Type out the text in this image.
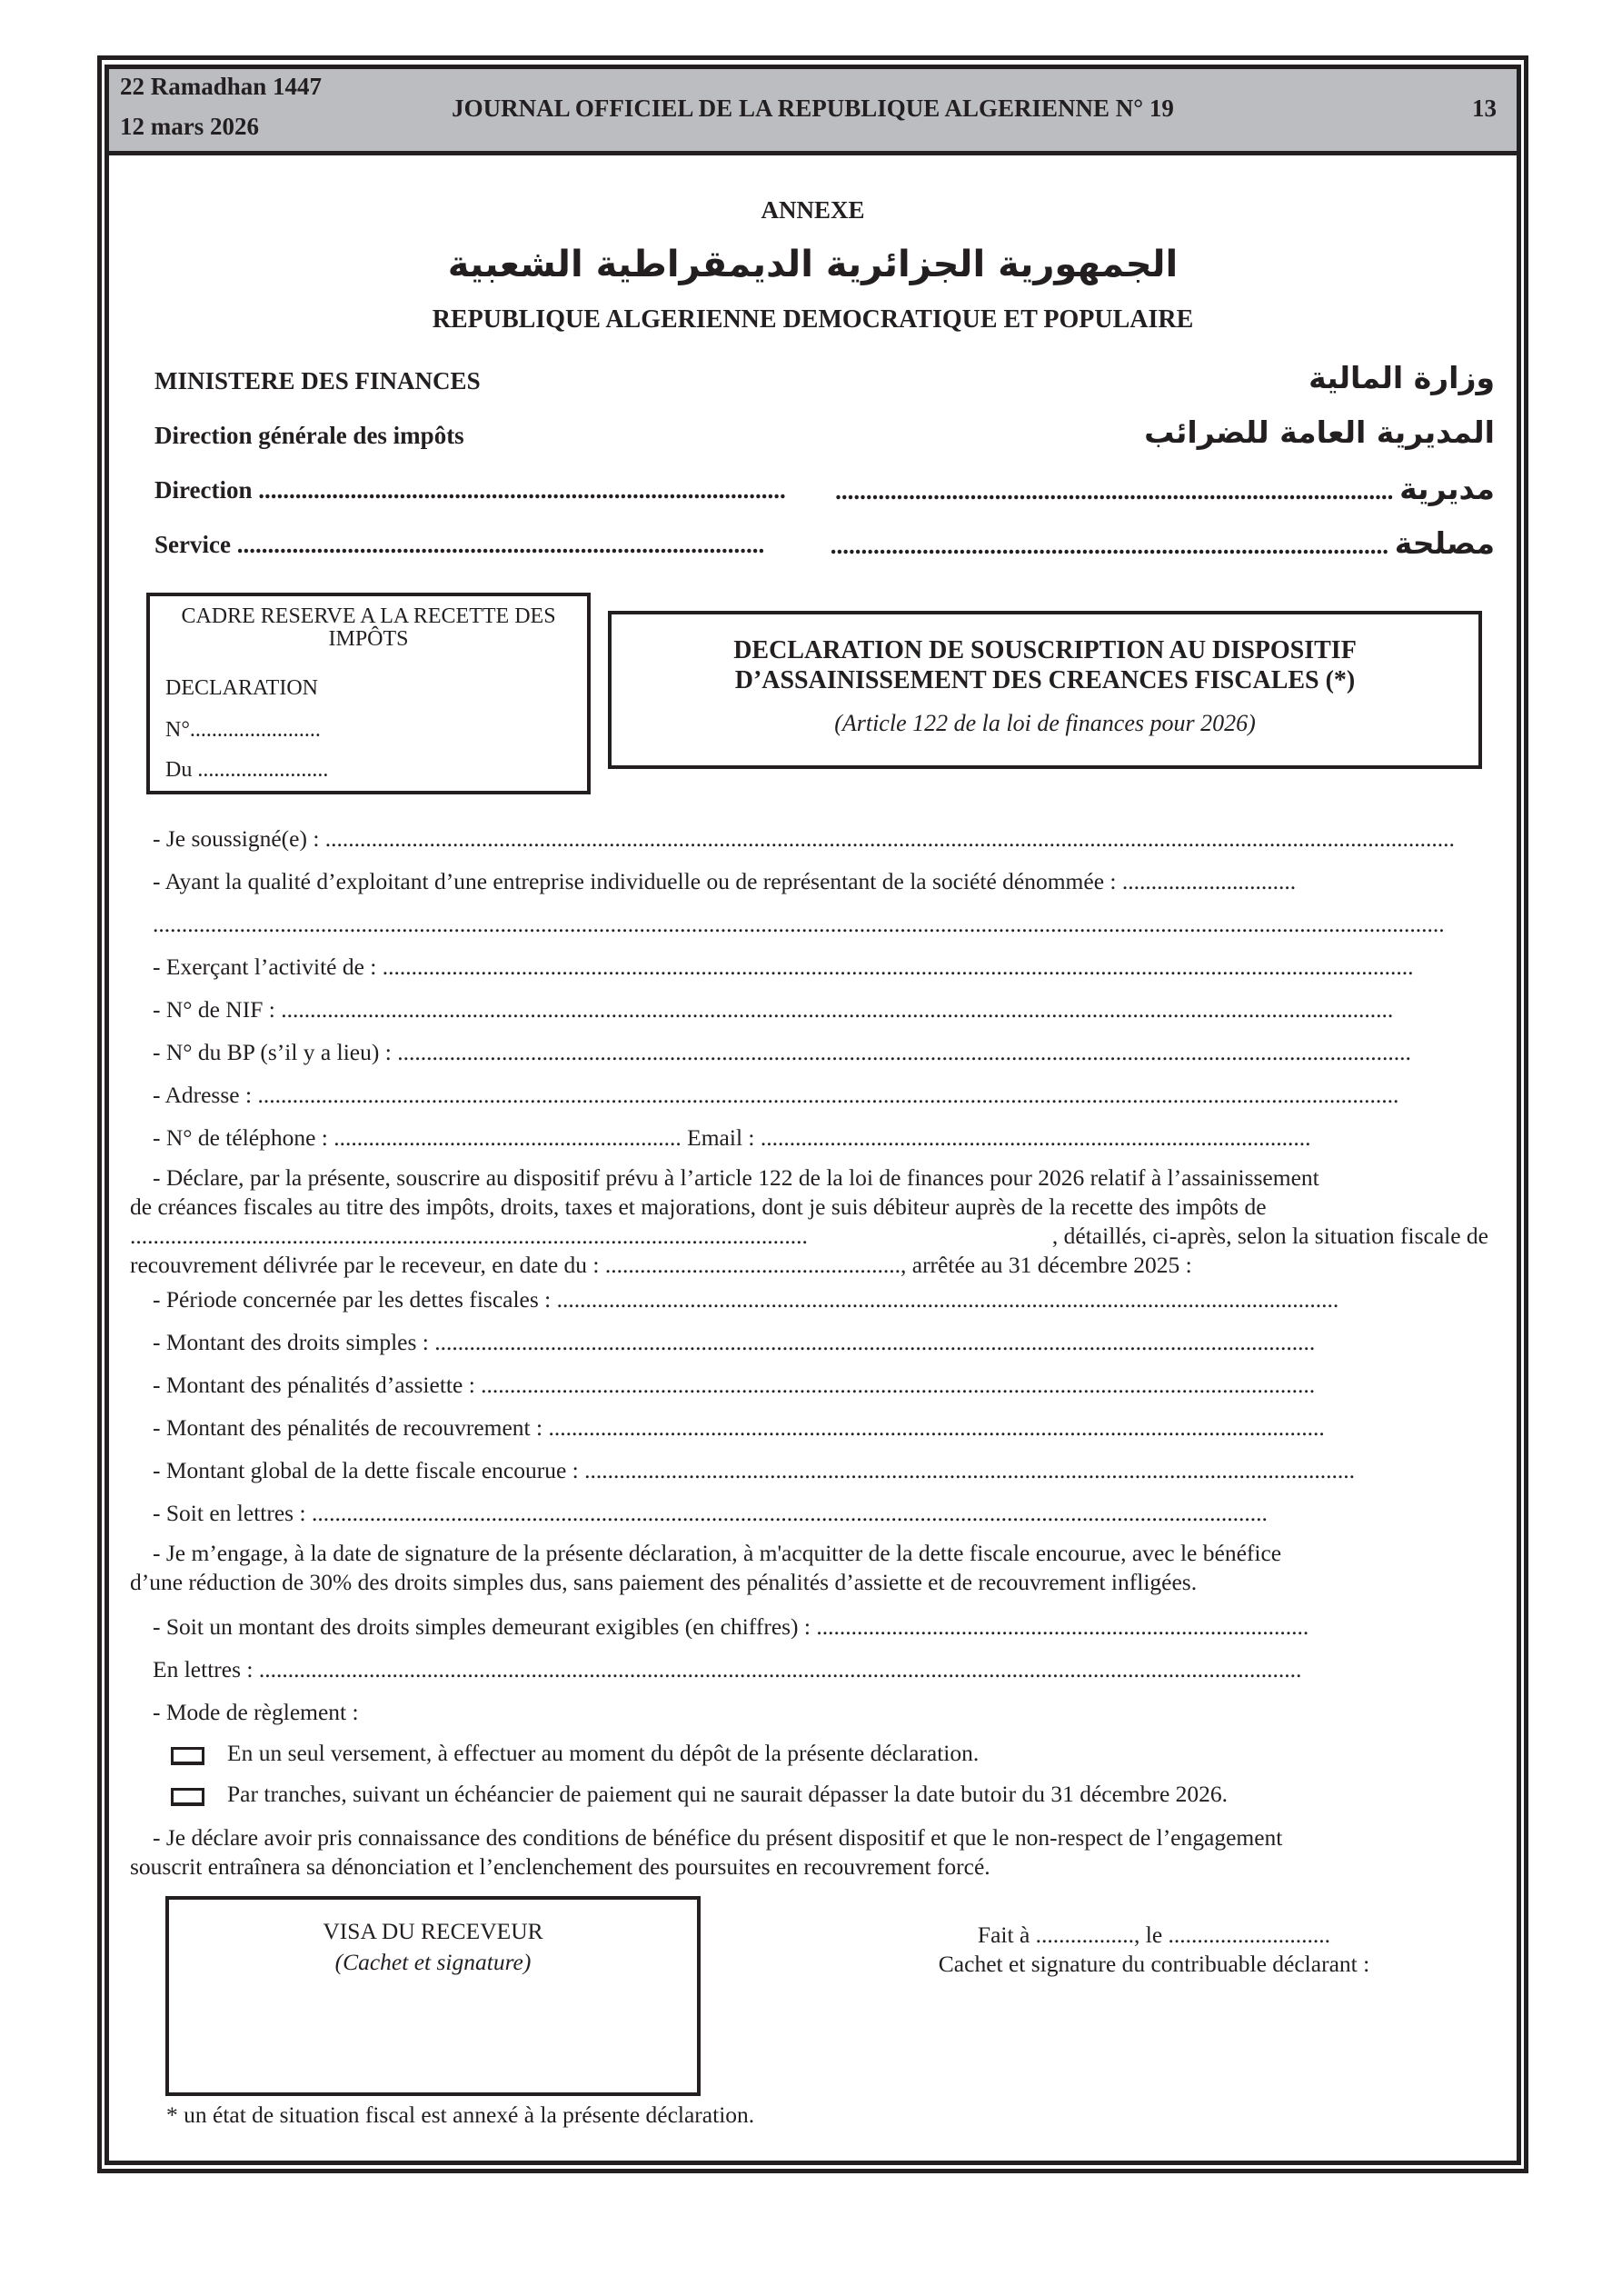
22 Ramadhan 1447
12 mars 2026
JOURNAL OFFICIEL DE LA REPUBLIQUE ALGERIENNE N° 19	13
ANNEXE
الجمهورية الجزائرية الديمقراطية الشعبية
REPUBLIQUE ALGERIENNE DEMOCRATIQUE ET POPULAIRE
MINISTERE DES FINANCES
Direction générale des impôts
Direction ......................................................................................
Service ......................................................................................
وزارة المالية
المديرية العامة للضرائب
........................................................................................... مديرية
........................................................................................... مصلحة
CADRE RESERVE A LA RECETTE DES IMPÔTS
DECLARATION
N°........................
Du ........................
DECLARATION DE SOUSCRIPTION AU DISPOSITIF D’ASSAINISSEMENT DES CREANCES FISCALES (*)
(Article 122 de la loi de finances pour 2026)
- Je soussigné(e) : ...................................................................................................................................................................................................
- Ayant la qualité d’exploitant d’une entreprise individuelle ou de représentant de la société dénommée : ..............................
...............................................................................................................................................................................................................................
- Exerçant l’activité de : ..................................................................................................................................................................................
- N° de NIF : ................................................................................................................................................................................................
- N° du BP (s’il y a lieu) : ...............................................................................................................................................................................
- Adresse : .....................................................................................................................................................................................................
- N° de téléphone : ............................................................ Email : ...............................................................................................
- Déclare, par la présente, souscrire au dispositif prévu à l’article 122 de la loi de finances pour 2026 relatif à l’assainissement
de créances fiscales au titre des impôts, droits, taxes et majorations, dont je suis débiteur auprès de la recette des impôts de
.....................................................................................................................	, détaillés, ci-après, selon la situation fiscale de
recouvrement délivrée par le receveur, en date du : ..................................................., arrêtée au 31 décembre 2025 :
- Période concernée par les dettes fiscales : .......................................................................................................................................
- Montant des droits simples : ........................................................................................................................................................
- Montant des pénalités d’assiette : ................................................................................................................................................
- Montant des pénalités de recouvrement : ......................................................................................................................................
- Montant global de la dette fiscale encourue : .....................................................................................................................................
- Soit en lettres : .....................................................................................................................................................................
- Je m’engage, à la date de signature de la présente déclaration, à m'acquitter de la dette fiscale encourue, avec le bénéfice
d’une réduction de 30% des droits simples dus, sans paiement des pénalités d’assiette et de recouvrement infligées.
- Soit un montant des droits simples demeurant exigibles (en chiffres) : .....................................................................................
En lettres : ....................................................................................................................................................................................
- Mode de règlement :
En un seul versement, à effectuer au moment du dépôt de la présente déclaration.
Par tranches, suivant un échéancier de paiement qui ne saurait dépasser la date butoir du 31 décembre 2026.
- Je déclare avoir pris connaissance des conditions de bénéfice du présent dispositif et que le non-respect de l’engagement
souscrit entraînera sa dénonciation et l’enclenchement des poursuites en recouvrement forcé.
VISA DU RECEVEUR
(Cachet et signature)
Fait à ................., le ............................
Cachet et signature du contribuable déclarant :
* un état de situation fiscal est annexé à la présente déclaration.
